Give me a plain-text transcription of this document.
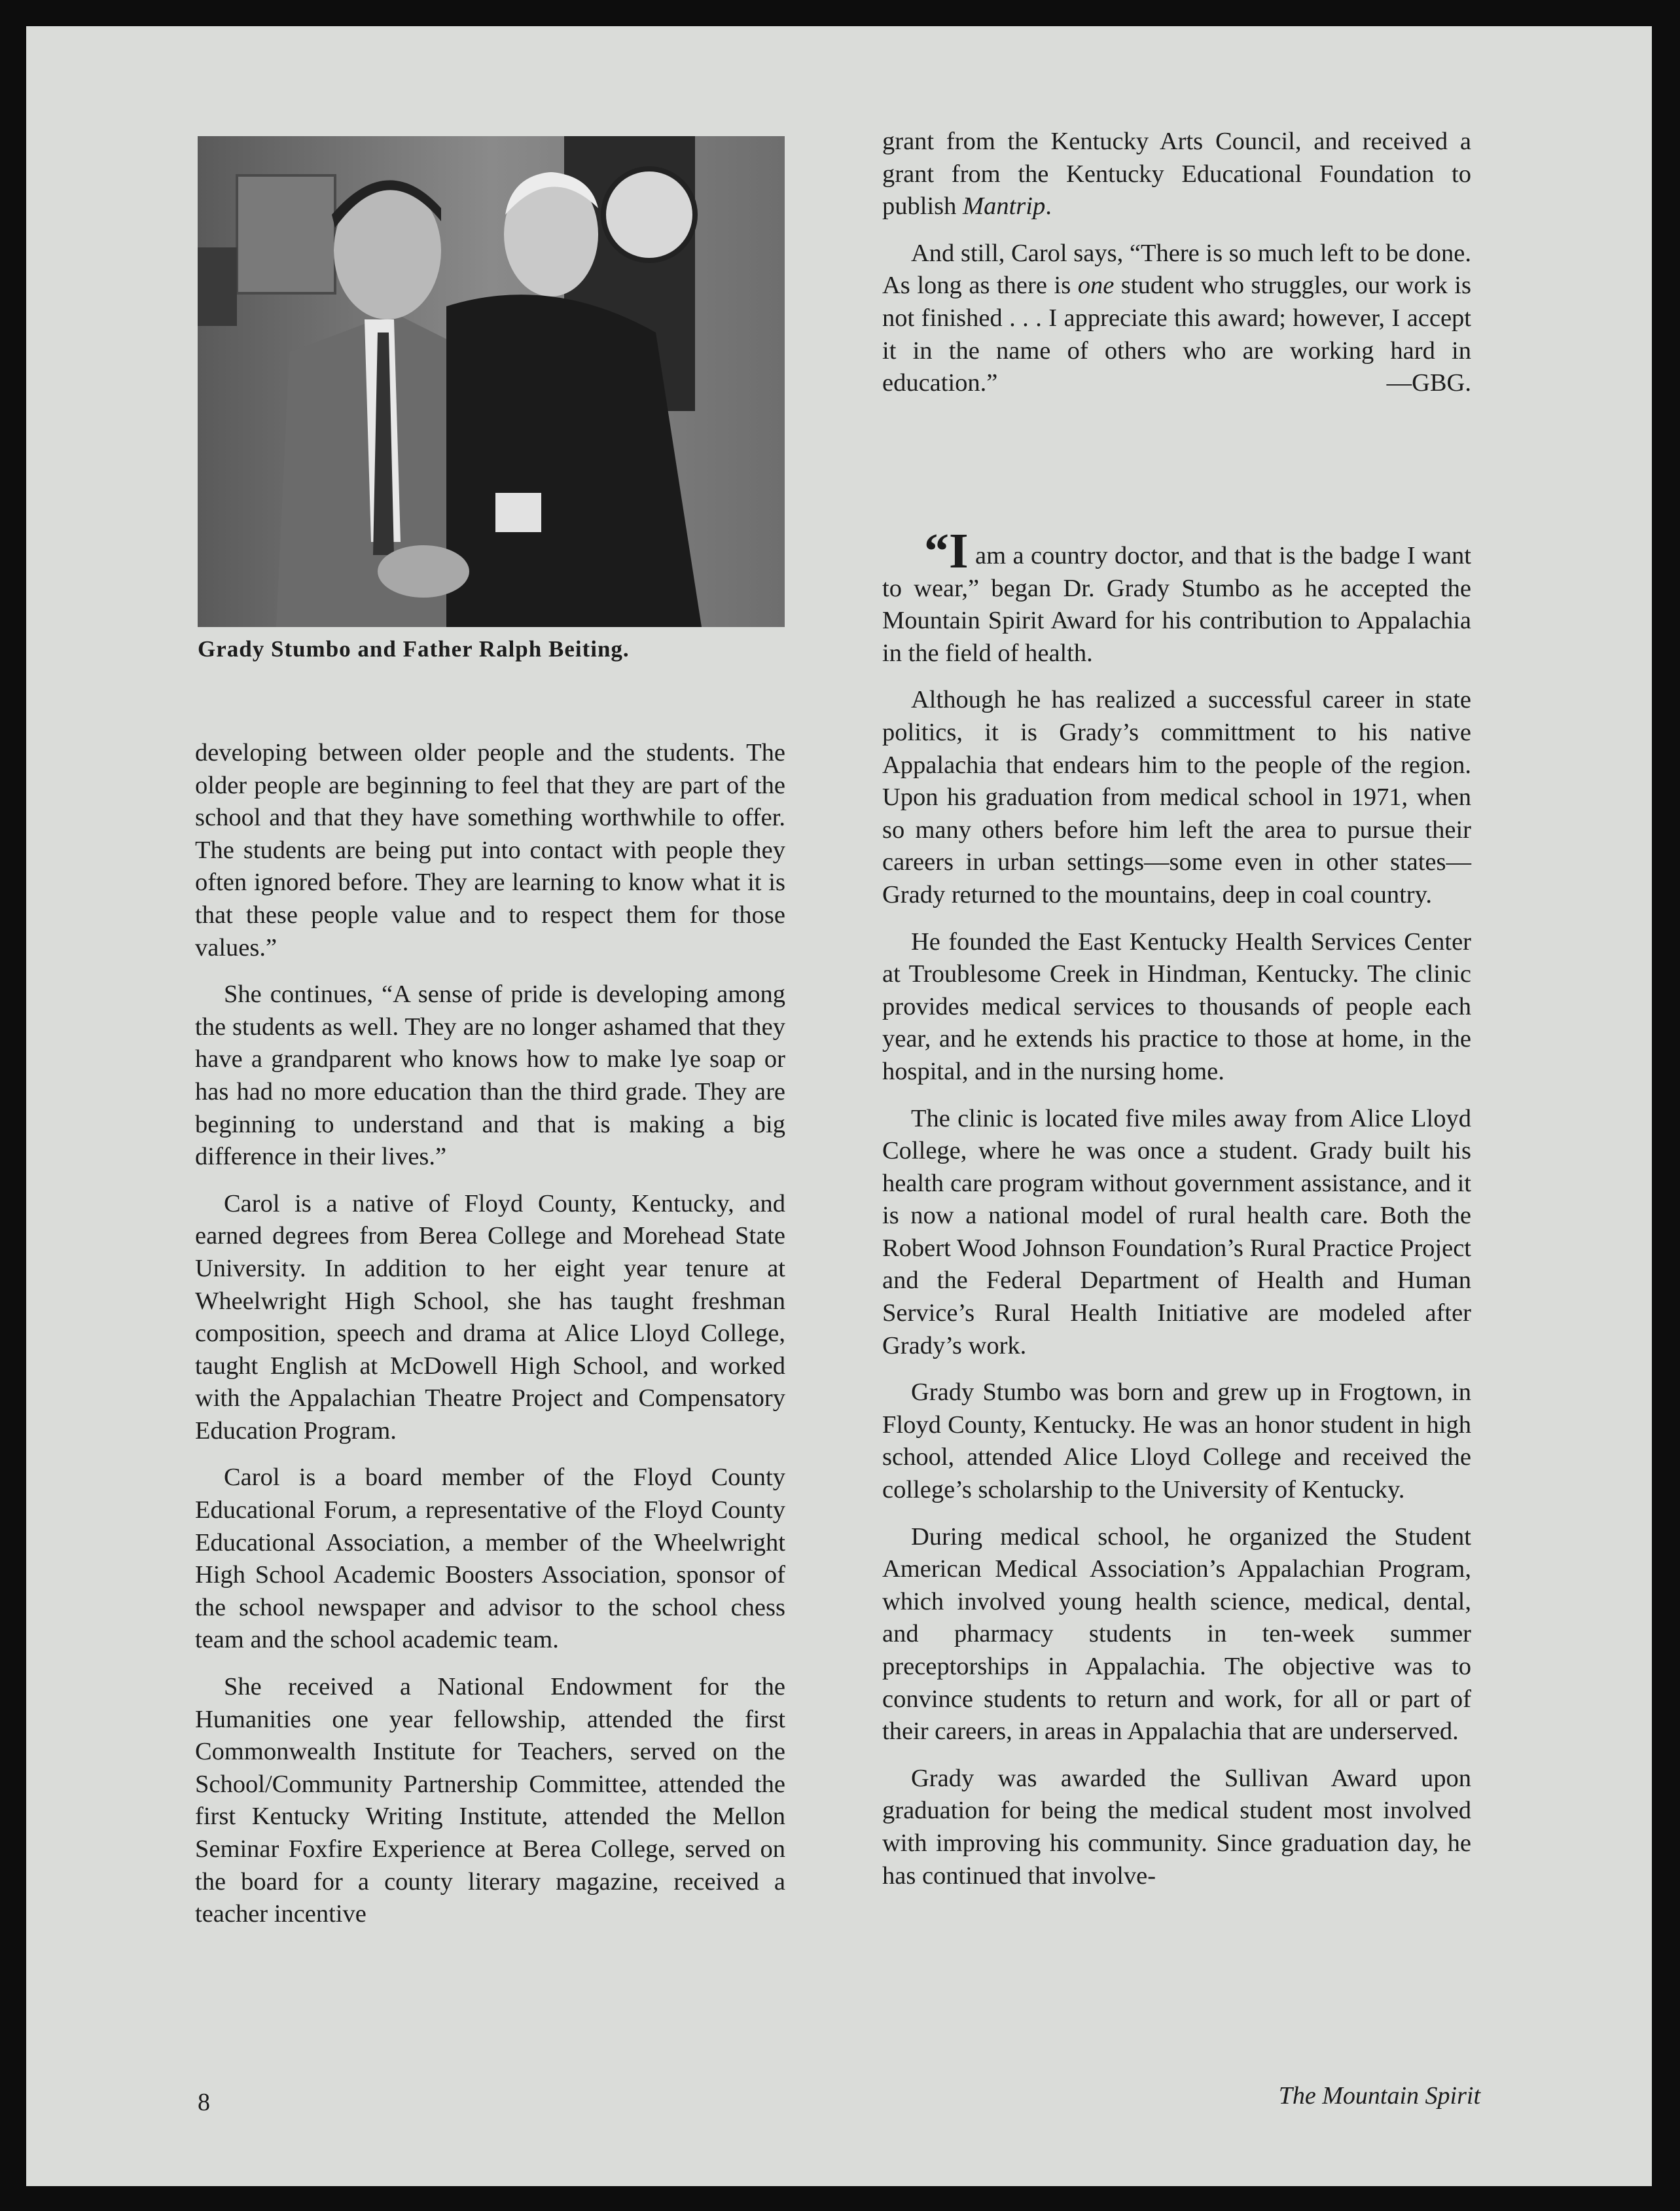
Grady Stumbo and Father Ralph Beiting.

grant from the Kentucky Arts Council, and received a grant from the Kentucky Educational Foundation to publish Mantrip.

And still, Carol says, “There is so much left to be done. As long as there is one student who struggles, our work is not finished . . . I appreciate this award; however, I accept it in the name of others who are working hard in education.”	—GBG.

developing between older people and the students. The older people are beginning to feel that they are part of the school and that they have something worthwhile to offer. The students are being put into contact with people they often ignored before. They are learning to know what it is that these people value and to respect them for those values.”

She continues, “A sense of pride is developing among the students as well. They are no longer ashamed that they have a grandparent who knows how to make lye soap or has had no more education than the third grade. They are beginning to understand and that is making a big difference in their lives.”

Carol is a native of Floyd County, Kentucky, and earned degrees from Berea College and Morehead State University. In addition to her eight year tenure at Wheelwright High School, she has taught freshman composition, speech and drama at Alice Lloyd College, taught English at McDowell High School, and worked with the Appalachian Theatre Project and Compensatory Education Program.

Carol is a board member of the Floyd County Educational Forum, a representative of the Floyd County Educational Association, a member of the Wheelwright High School Academic Boosters Association, sponsor of the school newspaper and advisor to the school chess team and the school academic team.

She received a National Endowment for the Humanities one year fellowship, attended the first Commonwealth Institute for Teachers, served on the School/Community Partnership Committee, attended the first Kentucky Writing Institute, attended the Mellon Seminar Foxfire Experience at Berea College, served on the board for a county literary magazine, received a teacher incentive

“I am a country doctor, and that is the badge I want to wear,” began Dr. Grady Stumbo as he accepted the Mountain Spirit Award for his contribution to Appalachia in the field of health.

Although he has realized a successful career in state politics, it is Grady’s committment to his native Appalachia that endears him to the people of the region. Upon his graduation from medical school in 1971, when so many others before him left the area to pursue their careers in urban settings—some even in other states—Grady returned to the mountains, deep in coal country.

He founded the East Kentucky Health Services Center at Troublesome Creek in Hindman, Kentucky. The clinic provides medical services to thousands of people each year, and he extends his practice to those at home, in the hospital, and in the nursing home.

The clinic is located five miles away from Alice Lloyd College, where he was once a student. Grady built his health care program without government assistance, and it is now a national model of rural health care. Both the Robert Wood Johnson Foundation’s Rural Practice Project and the Federal Department of Health and Human Service’s Rural Health Initiative are modeled after Grady’s work.

Grady Stumbo was born and grew up in Frogtown, in Floyd County, Kentucky. He was an honor student in high school, attended Alice Lloyd College and received the college’s scholarship to the University of Kentucky.

During medical school, he organized the Student American Medical Association’s Appalachian Program, which involved young health science, medical, dental, and pharmacy students in ten-week summer preceptorships in Appalachia. The objective was to convince students to return and work, for all or part of their careers, in areas in Appalachia that are underserved.

Grady was awarded the Sullivan Award upon graduation for being the medical student most involved with improving his community. Since graduation day, he has continued that involve-

8	The Mountain Spirit
